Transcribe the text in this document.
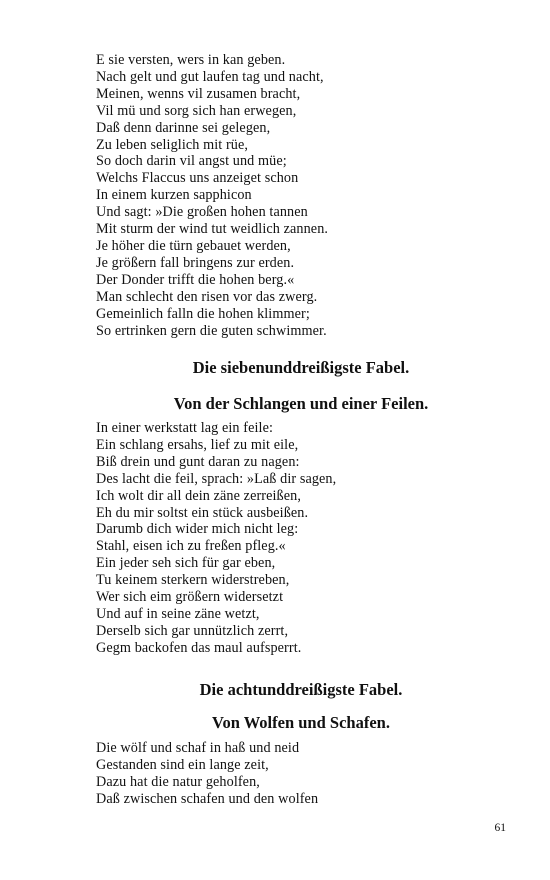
E sie versten, wers in kan geben.
Nach gelt und gut laufen tag und nacht,
Meinen, wenns vil zusamen bracht,
Vil mü und sorg sich han erwegen,
Daß denn darinne sei gelegen,
Zu leben seliglich mit rüe,
So doch darin vil angst und müe;
Welchs Flaccus uns anzeiget schon
In einem kurzen sapphicon
Und sagt: »Die großen hohen tannen
Mit sturm der wind tut weidlich zannen.
Je höher die türn gebauet werden,
Je größern fall bringens zur erden.
Der Donder trifft die hohen berg.«
Man schlecht den risen vor das zwerg.
Gemeinlich falln die hohen klimmer;
So ertrinken gern die guten schwimmer.
Die siebenunddreißigste Fabel.
Von der Schlangen und einer Feilen.
In einer werkstatt lag ein feile:
Ein schlang ersahs, lief zu mit eile,
Biß drein und gunt daran zu nagen:
Des lacht die feil, sprach: »Laß dir sagen,
Ich wolt dir all dein zäne zerreißen,
Eh du mir soltst ein stück ausbeißen.
Darumb dich wider mich nicht leg:
Stahl, eisen ich zu freßen pfleg.«
Ein jeder seh sich für gar eben,
Tu keinem sterkern widerstreben,
Wer sich eim größern widersetzt
Und auf in seine zäne wetzt,
Derselb sich gar unnützlich zerrt,
Gegm backofen das maul aufsperrt.
Die achtunddreißigste Fabel.
Von Wolfen und Schafen.
Die wölf und schaf in haß und neid
Gestanden sind ein lange zeit,
Dazu hat die natur geholfen,
Daß zwischen schafen und den wolfen
61
